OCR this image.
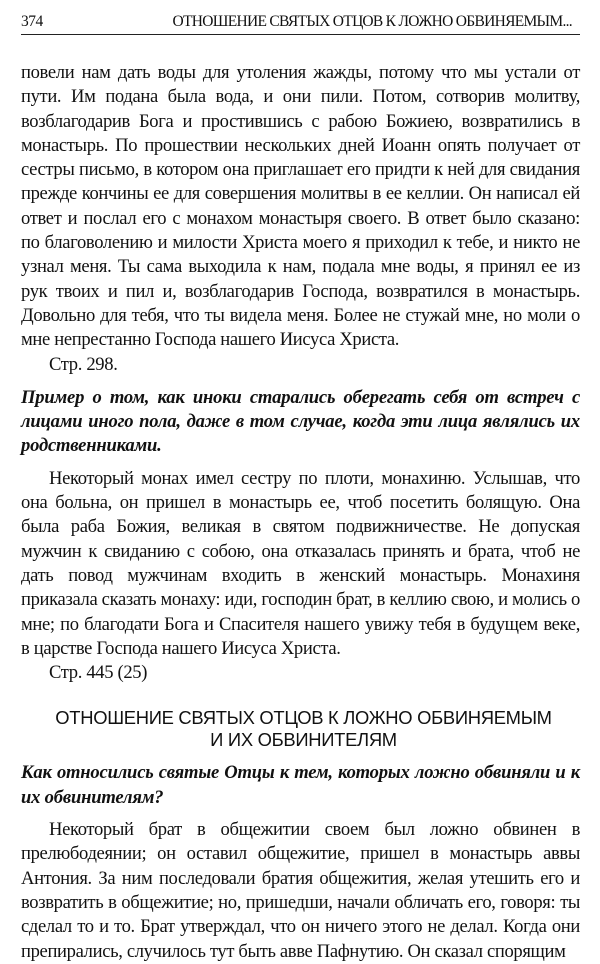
374	ОТНОШЕНИЕ СВЯТЫХ ОТЦОВ К ЛОЖНО ОБВИНЯЕМЫМ...

повели нам дать воды для утоления жажды, потому что мы устали от пути. Им подана была вода, и они пили. Потом, сотворив молитву, возблагодарив Бога и простившись с рабою Божиею, возвратились в монастырь. По прошествии нескольких дней Иоанн опять получает от сестры письмо, в котором она приглашает его придти к ней для свидания прежде кончины ее для совершения молитвы в ее келлии. Он написал ей ответ и послал его с монахом монастыря своего. В ответ было сказано: по благоволению и милости Христа моего я приходил к тебе, и никто не узнал меня. Ты сама выходила к нам, подала мне воды, я принял ее из рук твоих и пил и, возблагодарив Господа, возвратился в монастырь. Довольно для тебя, что ты видела меня. Более не стужай мне, но моли о мне непрестанно Господа нашего Иисуса Христа.

Стр. 298.

Пример о том, как иноки старались оберегать себя от встреч с лицами иного пола, даже в том случае, когда эти лица являлись их родственниками.

Некоторый монах имел сестру по плоти, монахиню. Услышав, что она больна, он пришел в монастырь ее, чтоб посетить болящую. Она была раба Божия, великая в святом подвижничестве. Не допуская мужчин к свиданию с собою, она отказалась принять и брата, чтоб не дать повод мужчинам входить в женский монастырь. Монахиня приказала сказать монаху: иди, господин брат, в келлию свою, и молись о мне; по благодати Бога и Спасителя нашего увижу тебя в будущем веке, в царстве Господа нашего Иисуса Христа.

Стр. 445 (25)

ОТНОШЕНИЕ СВЯТЫХ ОТЦОВ К ЛОЖНО ОБВИНЯЕМЫМ
И ИХ ОБВИНИТЕЛЯМ

Как относились святые Отцы к тем, которых ложно обвиняли и к их обвинителям?

Некоторый брат в общежитии своем был ложно обвинен в прелюбодеянии; он оставил общежитие, пришел в монастырь аввы Антония. За ним последовали братия общежития, желая утешить его и возвратить в общежитие; но, пришедши, начали обличать его, говоря: ты сделал то и то. Брат утверждал, что он ничего этого не делал. Когда они препирались, случилось тут быть авве Пафнутию. Он сказал спорящим
